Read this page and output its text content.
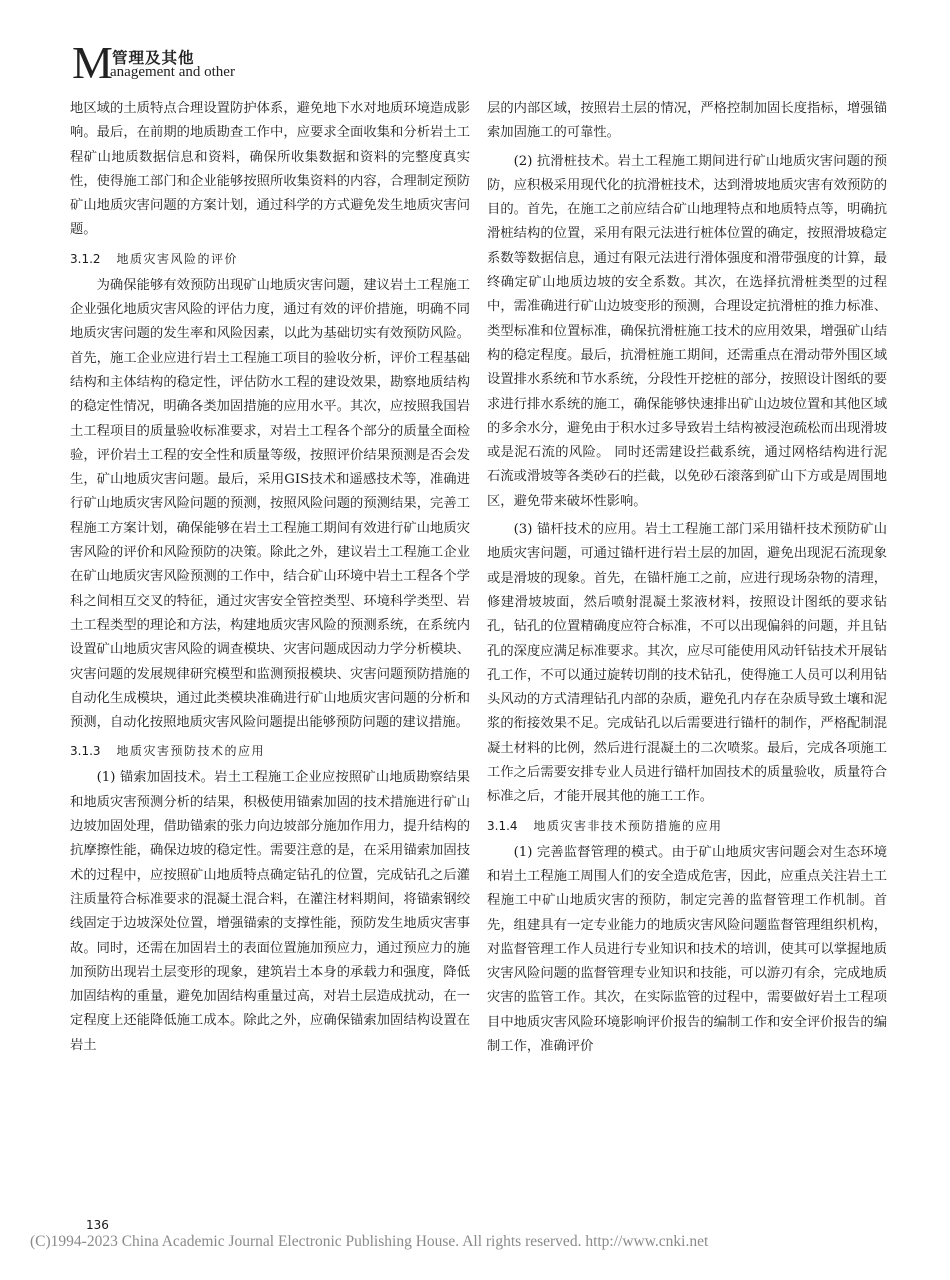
M 管理及其他
anagement and other

地区域的土质特点合理设置防护体系，避免地下水对地质环境造成影响。最后，在前期的地质勘查工作中，应要求全面收集和分析岩土工程矿山地质数据信息和资料，确保所收集数据和资料的完整度真实性，使得施工部门和企业能够按照所收集资料的内容，合理制定预防矿山地质灾害问题的方案计划，通过科学的方式避免发生地质灾害问题。

3.1.2 地质灾害风险的评价

为确保能够有效预防出现矿山地质灾害问题，建议岩土工程施工企业强化地质灾害风险的评估力度，通过有效的评价措施，明确不同地质灾害问题的发生率和风险因素，以此为基础切实有效预防风险。首先，施工企业应进行岩土工程施工项目的验收分析，评价工程基础结构和主体结构的稳定性，评估防水工程的建设效果，勘察地质结构的稳定性情况，明确各类加固措施的应用水平。其次，应按照我国岩土工程项目的质量验收标准要求，对岩土工程各个部分的质量全面检验，评价岩土工程的安全性和质量等级，按照评价结果预测是否会发生，矿山地质灾害问题。最后，采用GIS技术和遥感技术等，准确进行矿山地质灾害风险问题的预测，按照风险问题的预测结果，完善工程施工方案计划，确保能够在岩土工程施工期间有效进行矿山地质灾害风险的评价和风险预防的决策。除此之外，建议岩土工程施工企业在矿山地质灾害风险预测的工作中，结合矿山环境中岩土工程各个学科之间相互交叉的特征，通过灾害安全管控类型、环境科学类型、岩土工程类型的理论和方法，构建地质灾害风险的预测系统，在系统内设置矿山地质灾害风险的调查模块、灾害问题成因动力学分析模块、灾害问题的发展规律研究模型和监测预报模块、灾害问题预防措施的自动化生成模块，通过此类模块准确进行矿山地质灾害问题的分析和预测，自动化按照地质灾害风险问题提出能够预防问题的建议措施。

3.1.3 地质灾害预防技术的应用

(1) 锚索加固技术。岩土工程施工企业应按照矿山地质勘察结果和地质灾害预测分析的结果，积极使用锚索加固的技术措施进行矿山边坡加固处理，借助锚索的张力向边坡部分施加作用力，提升结构的抗摩擦性能，确保边坡的稳定性。需要注意的是，在采用锚索加固技术的过程中，应按照矿山地质特点确定钻孔的位置，完成钻孔之后灌注质量符合标准要求的混凝土混合料，在灌注材料期间，将锚索钢绞线固定于边坡深处位置，增强锚索的支撑性能，预防发生地质灾害事故。同时，还需在加固岩土的表面位置施加预应力，通过预应力的施加预防出现岩土层变形的现象，建筑岩土本身的承载力和强度，降低加固结构的重量，避免加固结构重量过高，对岩土层造成扰动，在一定程度上还能降低施工成本。除此之外，应确保锚索加固结构设置在岩土

层的内部区域，按照岩土层的情况，严格控制加固长度指标，增强锚索加固施工的可靠性。

(2) 抗滑桩技术。岩土工程施工期间进行矿山地质灾害问题的预防，应积极采用现代化的抗滑桩技术，达到滑坡地质灾害有效预防的目的。首先，在施工之前应结合矿山地理特点和地质特点等，明确抗滑桩结构的位置，采用有限元法进行桩体位置的确定，按照滑坡稳定系数等数据信息，通过有限元法进行滑体强度和滑带强度的计算，最终确定矿山地质边坡的安全系数。其次，在选择抗滑桩类型的过程中，需准确进行矿山边坡变形的预测，合理设定抗滑桩的推力标准、类型标准和位置标准，确保抗滑桩施工技术的应用效果，增强矿山结构的稳定程度。最后，抗滑桩施工期间，还需重点在滑动带外围区域设置排水系统和节水系统，分段性开挖桩的部分，按照设计图纸的要求进行排水系统的施工，确保能够快速排出矿山边坡位置和其他区域的多余水分，避免由于积水过多导致岩土结构被浸泡疏松而出现滑坡或是泥石流的风险。 同时还需建设拦截系统，通过网格结构进行泥石流或滑坡等各类砂石的拦截，以免砂石滚落到矿山下方或是周围地区，避免带来破坏性影响。

(3) 锚杆技术的应用。岩土工程施工部门采用锚杆技术预防矿山地质灾害问题，可通过锚杆进行岩土层的加固，避免出现泥石流现象或是滑坡的现象。首先，在锚杆施工之前，应进行现场杂物的清理，修建滑坡坡面，然后喷射混凝土浆液材料，按照设计图纸的要求钻孔，钻孔的位置精确度应符合标准，不可以出现偏斜的问题，并且钻孔的深度应满足标准要求。其次，应尽可能使用风动钎钻技术开展钻孔工作，不可以通过旋转切削的技术钻孔，使得施工人员可以利用钻头风动的方式清理钻孔内部的杂质，避免孔内存在杂质导致土壤和泥浆的衔接效果不足。完成钻孔以后需要进行锚杆的制作，严格配制混凝土材料的比例，然后进行混凝土的二次喷浆。最后，完成各项施工工作之后需要安排专业人员进行锚杆加固技术的质量验收，质量符合标准之后，才能开展其他的施工工作。

3.1.4 地质灾害非技术预防措施的应用

(1) 完善监督管理的模式。由于矿山地质灾害问题会对生态环境和岩土工程施工周围人们的安全造成危害，因此，应重点关注岩土工程施工中矿山地质灾害的预防，制定完善的监督管理工作机制。首先，组建具有一定专业能力的地质灾害风险问题监督管理组织机构，对监督管理工作人员进行专业知识和技术的培训，使其可以掌握地质灾害风险问题的监督管理专业知识和技能，可以游刃有余，完成地质灾害的监管工作。其次，在实际监管的过程中，需要做好岩土工程项目中地质灾害风险环境影响评价报告的编制工作和安全评价报告的编制工作，准确评价

136
(C)1994-2023 China Academic Journal Electronic Publishing House. All rights reserved. http://www.cnki.net
